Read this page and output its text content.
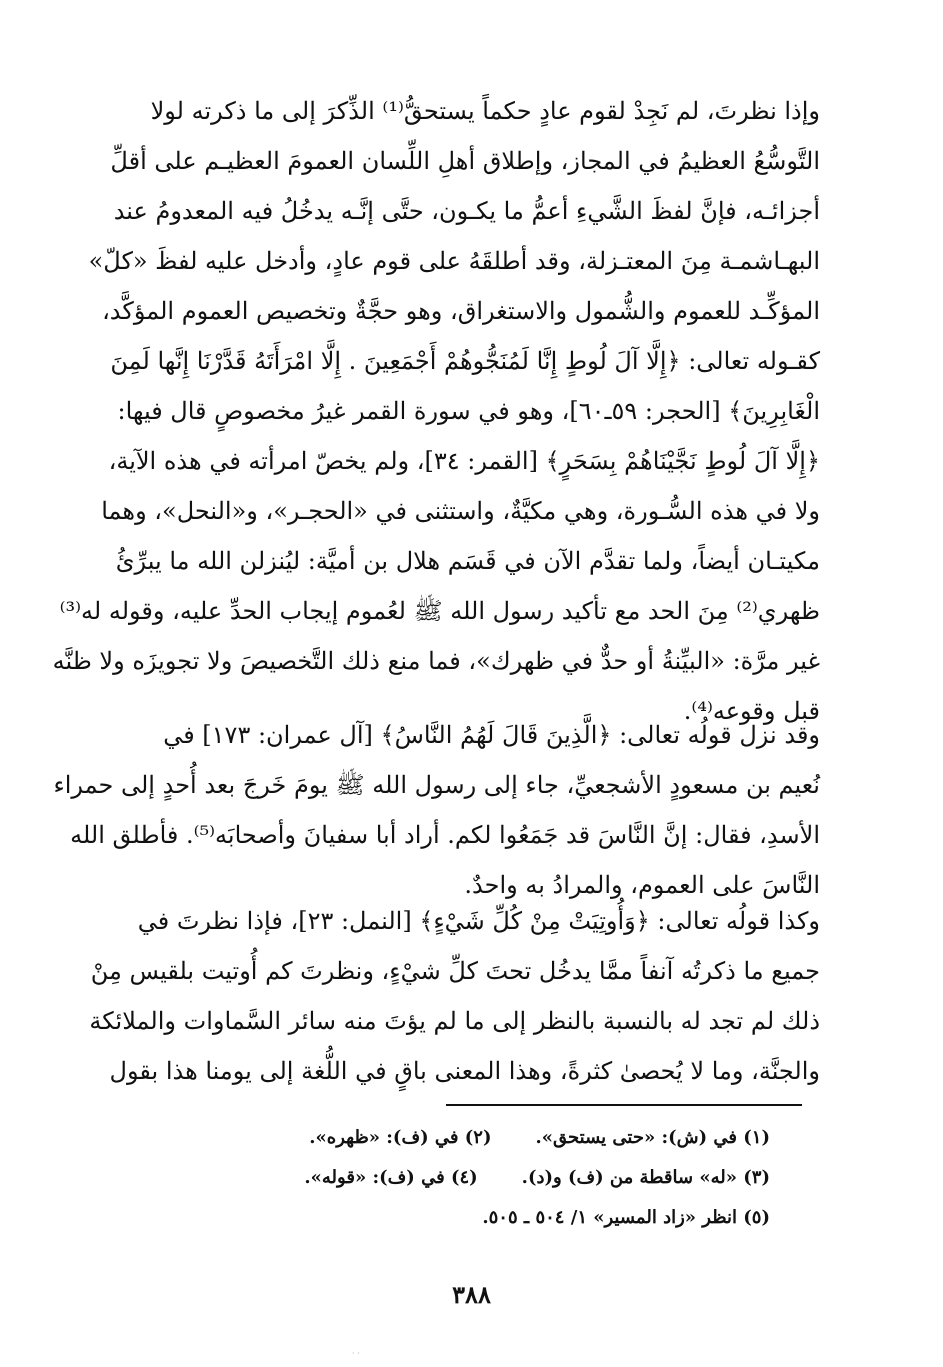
وإذا نظرتَ، لم نَجِدْ لقوم عادٍ حكماً يستحقُّ⁽¹⁾ الذِّكرَ إلى ما ذكرته لولا
التَّوسُّعُ العظيمُ في المجاز، وإطلاق أهلِ اللِّسان العمومَ العظيـم على أقلِّ
أجزائـه، فإنَّ لفظَ الشَّيءِ أعمُّ ما يكـون، حتَّى إنَّـه يدخُلُ فيه المعدومُ عند
البهـاشمـة مِنَ المعتـزلة، وقد أطلقَهُ على قوم عادٍ، وأدخل عليه لفظَ «كلّ»
المؤكِّـد للعموم والشُّمول والاستغراق، وهو حجَّةٌ وتخصيص العموم المؤكَّد،
كقـوله تعالى: ﴿إِلَّا آلَ لُوطٍ إِنَّا لَمُنَجُّوهُمْ أَجْمَعِينَ . إِلَّا امْرَأَتَهُ قَدَّرْنَا إِنَّها لَمِنَ
الْغَابِرِينَ﴾ [الحجر: ٥٩ـ٦٠]، وهو في سورة القمر غيرُ مخصوصٍ قال فيها:
﴿إِلَّا آلَ لُوطٍ نَجَّيْنَاهُمْ بِسَحَرٍ﴾ [القمر: ٣٤]، ولم يخصّ امرأته في هذه الآية،
ولا في هذه السُّـورة، وهي مكيَّةٌ، واستثنى في «الحجـر»، و«النحل»، وهما
مكيتـان أيضاً، ولما تقدَّم الآن في قَسَم هلال بن أميَّة: ليُنزلن الله ما يبرِّئُ
ظهري⁽²⁾ مِنَ الحد مع تأكيد رسول الله ﷺ لعُموم إيجاب الحدِّ عليه، وقوله له⁽³⁾
غير مرَّة: «البيِّنةُ أو حدٌّ في ظهرك»، فما منع ذلك التَّخصيصَ ولا تجويزَه ولا ظنَّه
قبل وقوعه⁽⁴⁾.
وقد نزل قولُه تعالى: ﴿الَّذِينَ قَالَ لَهُمُ النَّاسُ﴾ [آل عمران: ١٧٣] في
نُعيم بن مسعودٍ الأشجعيِّ، جاء إلى رسول الله ﷺ يومَ خَرجَ بعد أُحدٍ إلى حمراء
الأسدِ، فقال: إنَّ النَّاسَ قد جَمَعُوا لكم. أراد أبا سفيانَ وأصحابَه⁽⁵⁾. فأطلق الله
النَّاسَ على العموم، والمرادُ به واحدٌ.
وكذا قولُه تعالى: ﴿وَأُوتِيَتْ مِنْ كُلِّ شَيْءٍ﴾ [النمل: ٢٣]، فإذا نظرتَ في
جميع ما ذكرتُه آنفاً ممَّا يدخُل تحتَ كلِّ شيْءٍ، ونظرتَ كم أُوتيت بلقيس مِنْ
ذلك لم تجد له بالنسبة بالنظر إلى ما لم يؤتَ منه سائر السَّماوات والملائكة
والجنَّة، وما لا يُحصىٰ كثرةً، وهذا المعنى باقٍ في اللُّغة إلى يومنا هذا بقول
(١) في (ش): «حتى يستحق».
(٢) في (ف): «ظهره».
(٣) «له» ساقطة من (ف) و(د).
(٤) في (ف): «قوله».
(٥) انظر «زاد المسير» ١/ ٥٠٤ ـ ٥٠٥.
٣٨٨
· ·
